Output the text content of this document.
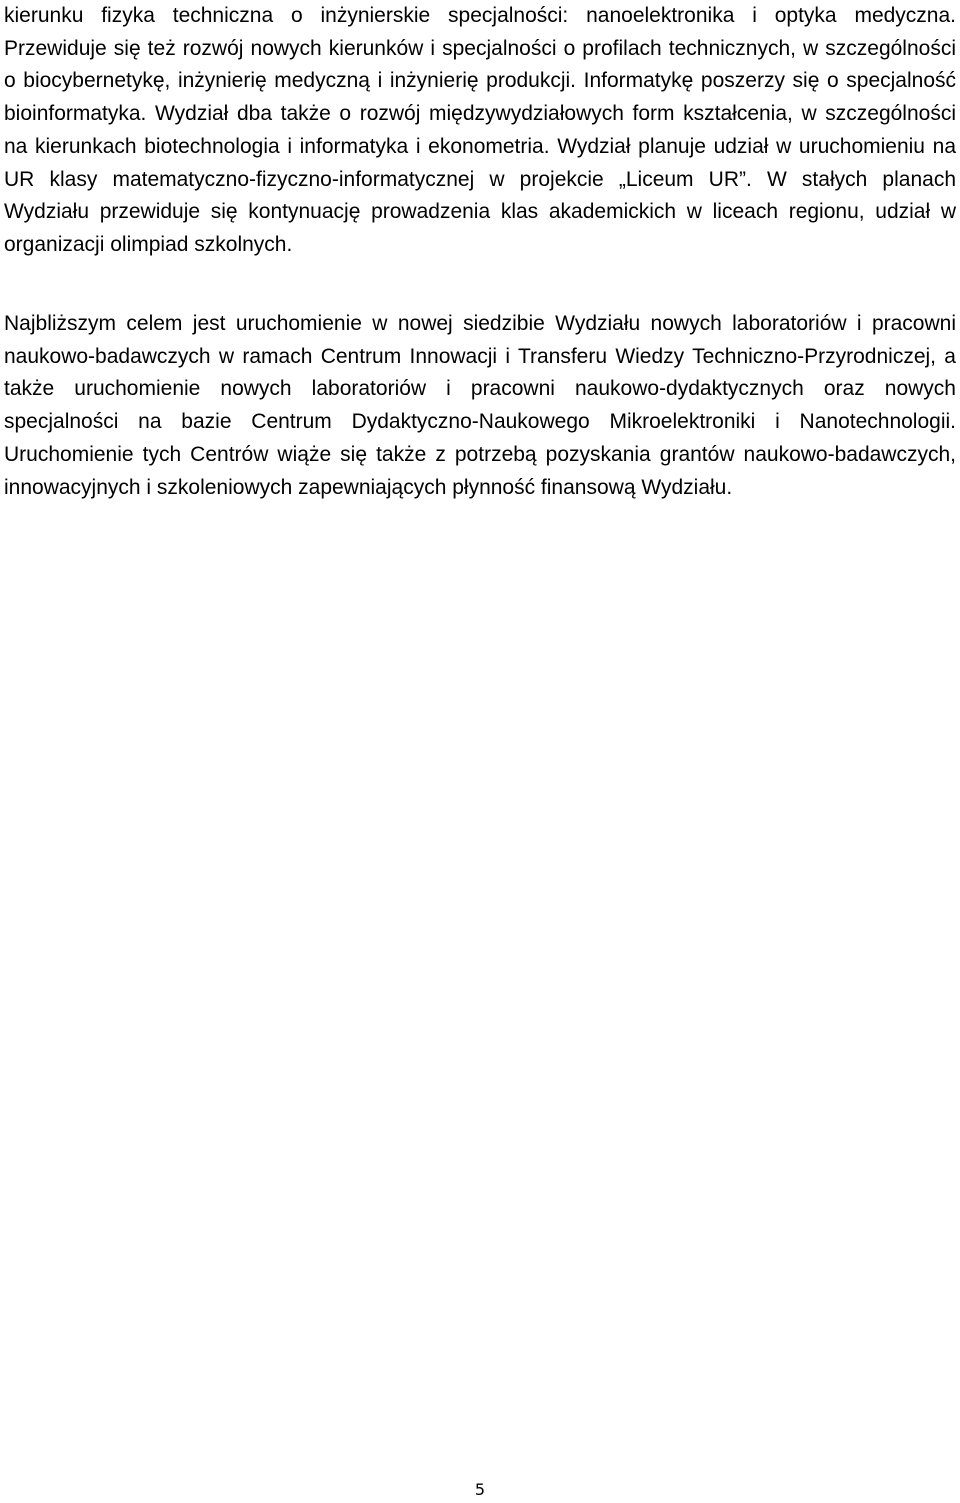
kierunku fizyka techniczna o inżynierskie specjalności: nanoelektronika i optyka medyczna. Przewiduje się też rozwój nowych kierunków i specjalności o profilach technicznych, w szczególności o biocybernetykę, inżynierię medyczną i inżynierię produkcji. Informatykę poszerzy się o specjalność bioinformatyka. Wydział dba także o rozwój międzywydziałowych form kształcenia, w szczególności na kierunkach biotechnologia i informatyka i ekonometria. Wydział planuje udział w uruchomieniu na UR klasy matematyczno-fizyczno-informatycznej w projekcie „Liceum UR”. W stałych planach Wydziału przewiduje się kontynuację prowadzenia klas akademickich w liceach regionu, udział w organizacji olimpiad szkolnych.

Najbliższym celem jest uruchomienie w nowej siedzibie Wydziału nowych laboratoriów i pracowni naukowo-badawczych w ramach Centrum Innowacji i Transferu Wiedzy Techniczno-Przyrodniczej, a także uruchomienie nowych laboratoriów i pracowni naukowo-dydaktycznych oraz nowych specjalności na bazie Centrum Dydaktyczno-Naukowego Mikroelektroniki i Nanotechnologii. Uruchomienie tych Centrów wiąże się także z potrzebą pozyskania grantów naukowo-badawczych, innowacyjnych i szkoleniowych zapewniających płynność finansową Wydziału.

5
